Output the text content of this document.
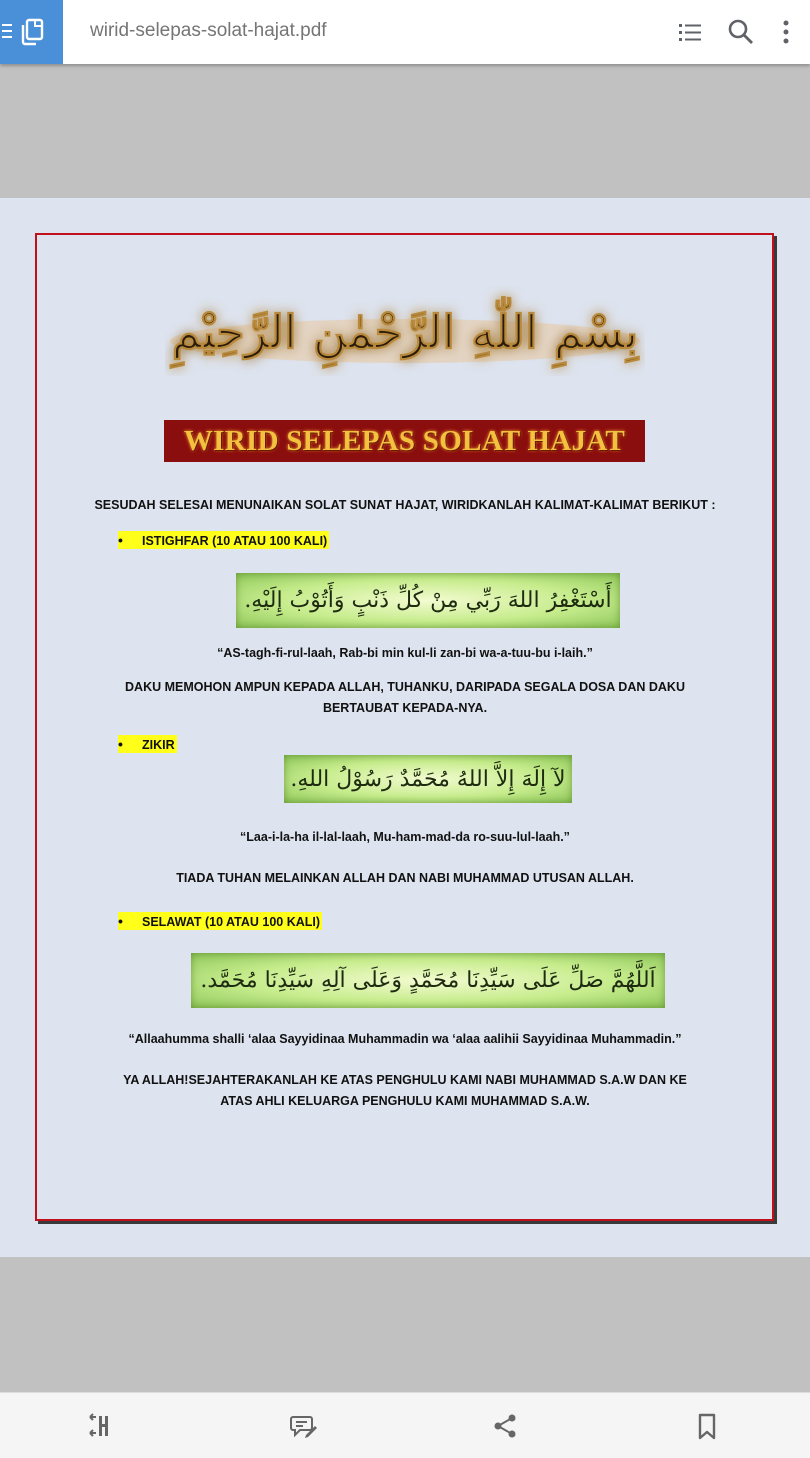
wirid-selepas-solat-hajat.pdf
بِسْمِ اللّٰهِ الرَّحْمٰنِ الرَّحِيْمِ
WIRID SELEPAS SOLAT HAJAT
SESUDAH SELESAI MENUNAIKAN SOLAT SUNAT HAJAT, WIRIDKANLAH KALIMAT-KALIMAT BERIKUT :
• ISTIGHFAR (10 ATAU 100 KALI)
أَسْتَغْفِرُ اللهَ رَبِّي مِنْ كُلِّ ذَنْبٍ وَأَتُوْبُ إِلَيْهِ.
“AS-tagh-fi-rul-laah, Rab-bi min kul-li zan-bi wa-a-tuu-bu i-laih.”
DAKU MEMOHON AMPUN KEPADA ALLAH, TUHANKU, DARIPADA SEGALA DOSA DAN DAKU
BERTAUBAT KEPADA-NYA.
• ZIKIR
لآ إِلَهَ إِلاَّ اللهُ مُحَمَّدٌ رَسُوْلُ اللهِ.
“Laa-i-la-ha il-lal-laah, Mu-ham-mad-da ro-suu-lul-laah.”
TIADA TUHAN MELAINKAN ALLAH DAN NABI MUHAMMAD UTUSAN ALLAH.
• SELAWAT (10 ATAU 100 KALI)
اَللَّهُمَّ صَلِّ عَلَى سَيِّدِنَا مُحَمَّدٍ وَعَلَى آلِهِ سَيِّدِنَا مُحَمَّد.
“Allaahumma shalli ‘alaa Sayyidinaa Muhammadin wa ‘alaa aalihii Sayyidinaa Muhammadin.”
YA ALLAH!SEJAHTERAKANLAH KE ATAS PENGHULU KAMI NABI MUHAMMAD S.A.W DAN KE
ATAS AHLI KELUARGA PENGHULU KAMI MUHAMMAD S.A.W.
